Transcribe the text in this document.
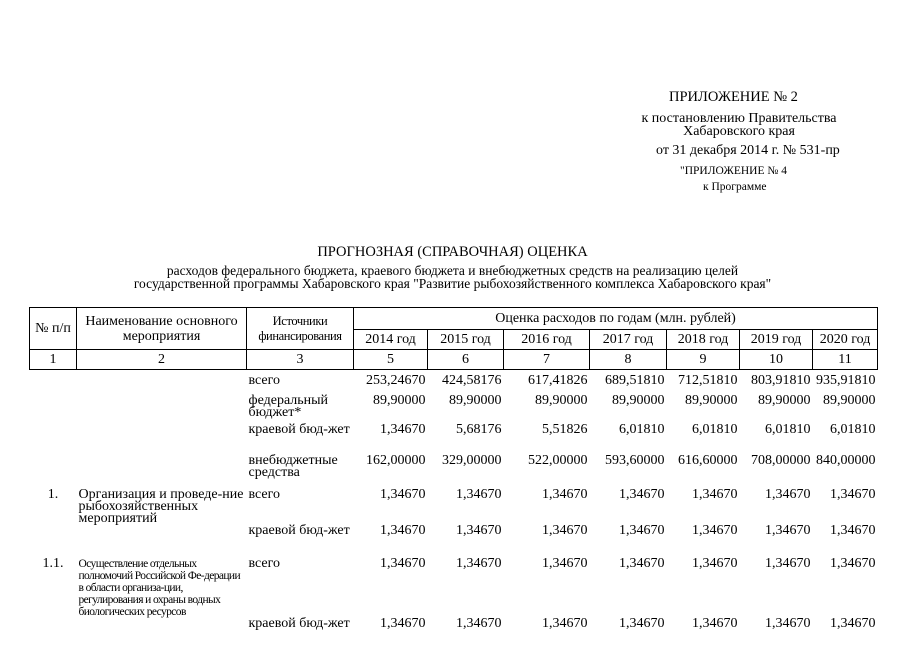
ПРИЛОЖЕНИЕ № 2
к постановлению Правительства
Хабаровского края
от 31 декабря 2014 г. № 531-пр
"ПРИЛОЖЕНИЕ № 4
к Программе
ПРОГНОЗНАЯ (СПРАВОЧНАЯ) ОЦЕНКА
расходов федерального бюджета, краевого бюджета и внебюджетных средств на реализацию целей
государственной программы Хабаровского края "Развитие рыбохозяйственного комплекса Хабаровского края"
№ п/п	Наименование основного мероприятия	Источники финансирования	Оценка расходов по годам (млн. рублей)						
			2014 год	2015 год	2016 год	2017 год	2018 год	2019 год	2020 год
1	2	3	5	6	7	8	9	10	11

		всего	253,24670	424,58176	617,41826	689,51810	712,51810	803,91810	935,91810
		федеральный бюджет*	89,90000	89,90000	89,90000	89,90000	89,90000	89,90000	89,90000
		краевой бюд-жет	1,34670	5,68176	5,51826	6,01810	6,01810	6,01810	6,01810
		внебюджетные средства	162,00000	329,00000	522,00000	593,60000	616,60000	708,00000	840,00000
1.	Организация и проведе-ние рыбохозяйственных мероприятий	всего	1,34670	1,34670	1,34670	1,34670	1,34670	1,34670	1,34670
		краевой бюд-жет	1,34670	1,34670	1,34670	1,34670	1,34670	1,34670	1,34670
1.1.	Осуществление отдельных полномочий Российской Фе-дерации в области организа-ции, регулирования и охраны водных биологических ресурсов	всего	1,34670	1,34670	1,34670	1,34670	1,34670	1,34670	1,34670
		краевой бюд-жет	1,34670	1,34670	1,34670	1,34670	1,34670	1,34670	1,34670
